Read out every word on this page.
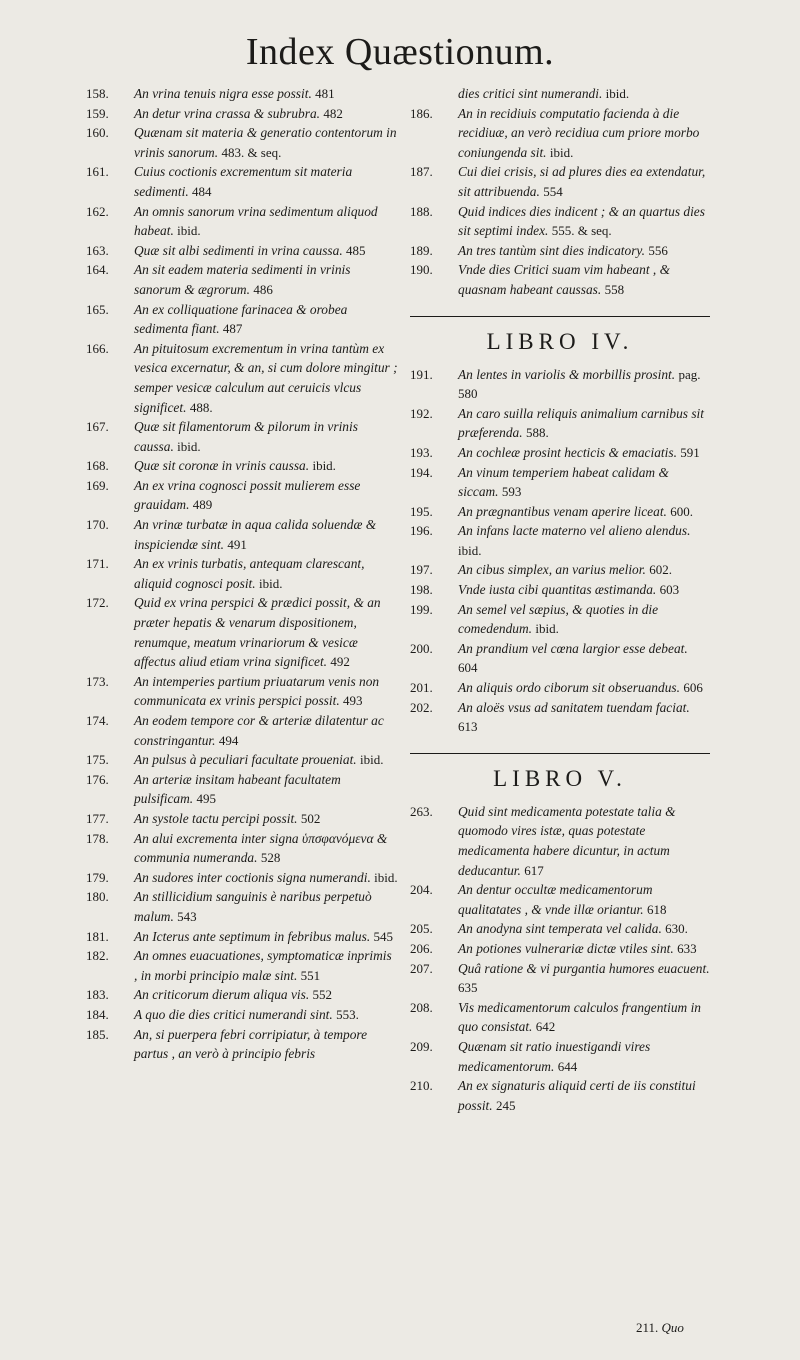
Index Quæstionum.
158. An vrina tenuis nigra esse possit. 481
159. An detur vrina crassa & subrubra. 482
160. Quænam sit materia & generatio contentorum in vrinis sanorum. 483. & seq.
161. Cuius coctionis excrementum sit materia sedimenti. 484
162. An omnis sanorum vrina sedimentum aliquod habeat. ibid.
163. Quæ sit albi sedimenti in vrina caussa. 485
164. An sit eadem materia sedimenti in vrinis sanorum & ægrorum. 486
165. An ex colliquatione farinacea & orobea sedimenta fiant. 487
166. An pituitosum excrementum in vrina tantùm ex vesica excernatur, & an, si cum dolore mingitur ; semper vesicæ calculum aut ceruicis vlcus significet. 488.
167. Quæ sit filamentorum & pilorum in vrinis caussa. ibid.
168. Quæ sit coronæ in vrinis caussa. ibid.
169. An ex vrina cognosci possit mulierem esse grauidam. 489
170. An vrinæ turbatæ in aqua calida soluendæ & inspiciendæ sint. 491
171. An ex vrinis turbatis, antequam clarescant, aliquid cognosci posit. ibid.
172. Quid ex vrina perspici & prædici possit, & an præter hepatis & venarum dispositionem, renumque, meatum vrinariorum & vesicæ affectus aliud etiam vrina significet. 492
173. An intemperies partium priuatarum venis non communicata ex vrinis perspici possit. 493
174. An eodem tempore cor & arteriæ dilatentur ac constringantur. 494
175. An pulsus à peculiari facultate proueniat. ibid.
176. An arteriæ insitam habeant facultatem pulsificam. 495
177. An systole tactu percipi possit. 502
178. An alui excrementa inter signa ὑπσφανόμενα & communia numeranda. 528
179. An sudores inter coctionis signa numerandi. ibid.
180. An stillicidium sanguinis è naribus perpetuò malum. 543
181. An Icterus ante septimum in febribus malus. 545
182. An omnes euacuationes, symptomaticæ inprimis , in morbi principio malæ sint. 551
183. An criticorum dierum aliqua vis. 552
184. A quo die dies critici numerandi sint. 553.
185. An, si puerpera febri corripiatur, à tempore partus , an verò à principio febris
dies critici sint numerandi. ibid.
186. An in recidiuis computatio facienda à die recidiuæ, an verò recidiua cum priore morbo coniungenda sit. ibid.
187. Cui diei crisis, si ad plures dies ea extendatur, sit attribuenda. 554
188. Quid indices dies indicent ; & an quartus dies sit septimi index. 555. & seq.
189. An tres tantùm sint dies indicatory. 556
190. Vnde dies Critici suam vim habeant , & quasnam habeant caussas. 558
LIBRO IV.
191. An lentes in variolis & morbillis prosint. pag. 580
192. An caro suilla reliquis animalium carnibus sit præferenda. 588.
193. An cochleæ prosint hecticis & emaciatis. 591
194. An vinum temperiem habeat calidam & siccam. 593
195. An prægnantibus venam aperire liceat. 600.
196. An infans lacte materno vel alieno alendus. ibid.
197. An cibus simplex, an varius melior. 602.
198. Vnde iusta cibi quantitas æstimanda. 603
199. An semel vel sæpius, & quoties in die comedendum. ibid.
200. An prandium vel cœna largior esse debeat. 604
201. An aliquis ordo ciborum sit obseruandus. 606
202. An aloës vsus ad sanitatem tuendam faciat. 613
LIBRO V.
263. Quid sint medicamenta potestate talia & quomodo vires istæ, quas potestate medicamenta habere dicuntur, in actum deducantur. 617
204. An dentur occultæ medicamentorum qualitatates , & vnde illæ oriantur. 618
205. An anodyna sint temperata vel calida. 630.
206. An potiones vulnerariæ dictæ vtiles sint. 633
207. Quâ ratione & vi purgantia humores euacuent. 635
208. Vis medicamentorum calculos frangentium in quo consistat. 642
209. Quænam sit ratio inuestigandi vires medicamentorum. 644
210. An ex signaturis aliquid certi de iis constitui possit. 245
211. Quo
